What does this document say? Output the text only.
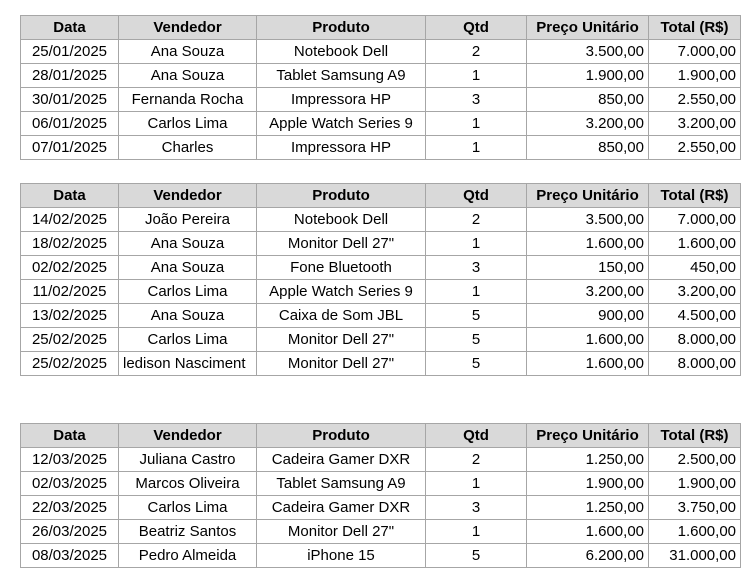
Data	Vendedor	Produto	Qtd	Preço Unitário	Total (R$)
25/01/2025	Ana Souza	Notebook Dell	2	3.500,00	7.000,00
28/01/2025	Ana Souza	Tablet Samsung A9	1	1.900,00	1.900,00
30/01/2025	Fernanda Rocha	Impressora HP	3	850,00	2.550,00
06/01/2025	Carlos Lima	Apple Watch Series 9	1	3.200,00	3.200,00
07/01/2025	Charles	Impressora HP	1	850,00	2.550,00
Data	Vendedor	Produto	Qtd	Preço Unitário	Total (R$)
14/02/2025	João Pereira	Notebook Dell	2	3.500,00	7.000,00
18/02/2025	Ana Souza	Monitor Dell 27"	1	1.600,00	1.600,00
02/02/2025	Ana Souza	Fone Bluetooth	3	150,00	450,00
11/02/2025	Carlos Lima	Apple Watch Series 9	1	3.200,00	3.200,00
13/02/2025	Ana Souza	Caixa de Som JBL	5	900,00	4.500,00
25/02/2025	Carlos Lima	Monitor Dell 27"	5	1.600,00	8.000,00
25/02/2025	ledison Nasciment	Monitor Dell 27"	5	1.600,00	8.000,00
Data	Vendedor	Produto	Qtd	Preço Unitário	Total (R$)
12/03/2025	Juliana Castro	Cadeira Gamer DXR	2	1.250,00	2.500,00
02/03/2025	Marcos Oliveira	Tablet Samsung A9	1	1.900,00	1.900,00
22/03/2025	Carlos Lima	Cadeira Gamer DXR	3	1.250,00	3.750,00
26/03/2025	Beatriz Santos	Monitor Dell 27"	1	1.600,00	1.600,00
08/03/2025	Pedro Almeida	iPhone 15	5	6.200,00	31.000,00
